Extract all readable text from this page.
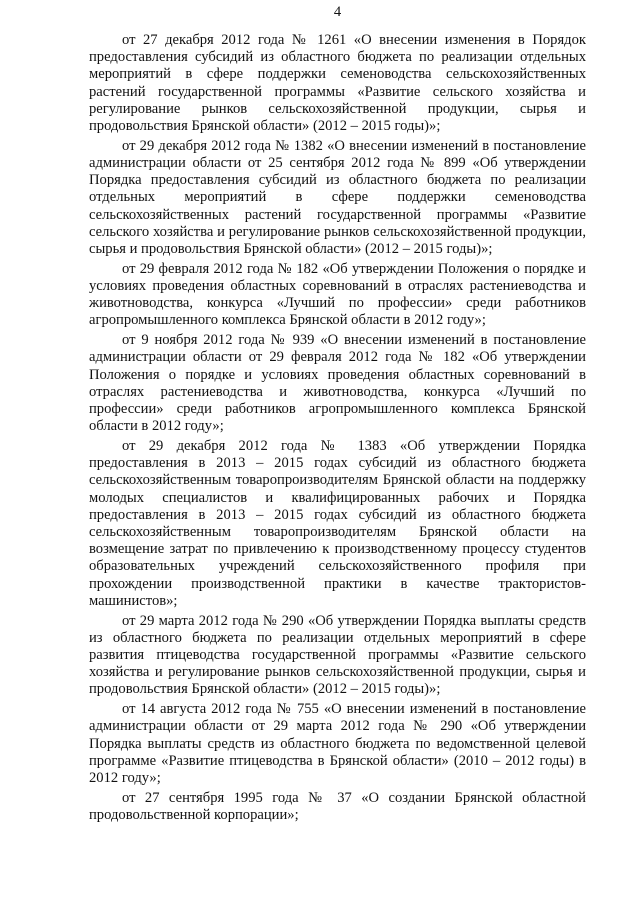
4

от 27 декабря 2012 года № 1261 «О внесении изменения в Порядок предоставления субсидий из областного бюджета по реализации отдельных мероприятий в сфере поддержки семеноводства сельскохозяйственных растений государственной программы «Развитие сельского хозяйства и регулирование рынков сельскохозяйственной продукции, сырья и продовольствия Брянской области» (2012 – 2015 годы)»;

от 29 декабря 2012 года № 1382 «О внесении изменений в постановление администрации области от 25 сентября 2012 года № 899 «Об утверждении Порядка предоставления субсидий из областного бюджета по реализации отдельных мероприятий в сфере поддержки семеноводства сельскохозяйственных растений государственной программы «Развитие сельского хозяйства и регулирование рынков сельскохозяйственной продукции, сырья и продовольствия Брянской области» (2012 – 2015 годы)»;

от 29 февраля 2012 года № 182 «Об утверждении Положения о порядке и условиях проведения областных соревнований в отраслях растениеводства и животноводства, конкурса «Лучший по профессии» среди работников агропромышленного комплекса Брянской области в 2012 году»;

от 9 ноября 2012 года № 939 «О внесении изменений в постановление администрации области от 29 февраля 2012 года № 182 «Об утверждении Положения о порядке и условиях проведения областных соревнований в отраслях растениеводства и животноводства, конкурса «Лучший по профессии» среди работников агропромышленного комплекса Брянской области в 2012 году»;

от 29 декабря 2012 года № 1383 «Об утверждении Порядка предоставления в 2013 – 2015 годах субсидий из областного бюджета сельскохозяйственным товаропроизводителям Брянской области на поддержку молодых специалистов и квалифицированных рабочих и Порядка предоставления в 2013 – 2015 годах субсидий из областного бюджета сельскохозяйственным товаропроизводителям Брянской области на возмещение затрат по привлечению к производственному процессу студентов образовательных учреждений сельскохозяйственного профиля при прохождении производственной практики в качестве трактористов-машинистов»;

от 29 марта 2012 года № 290 «Об утверждении Порядка выплаты средств из областного бюджета по реализации отдельных мероприятий в сфере развития птицеводства государственной программы «Развитие сельского хозяйства и регулирование рынков сельскохозяйственной продукции, сырья и продовольствия Брянской области» (2012 – 2015 годы)»;

от 14 августа 2012 года № 755 «О внесении изменений в постановление администрации области от 29 марта 2012 года № 290 «Об утверждении Порядка выплаты средств из областного бюджета по ведомственной целевой программе «Развитие птицеводства в Брянской области» (2010 – 2012 годы) в 2012 году»;

от 27 сентября 1995 года № 37 «О создании Брянской областной продовольственной корпорации»;
